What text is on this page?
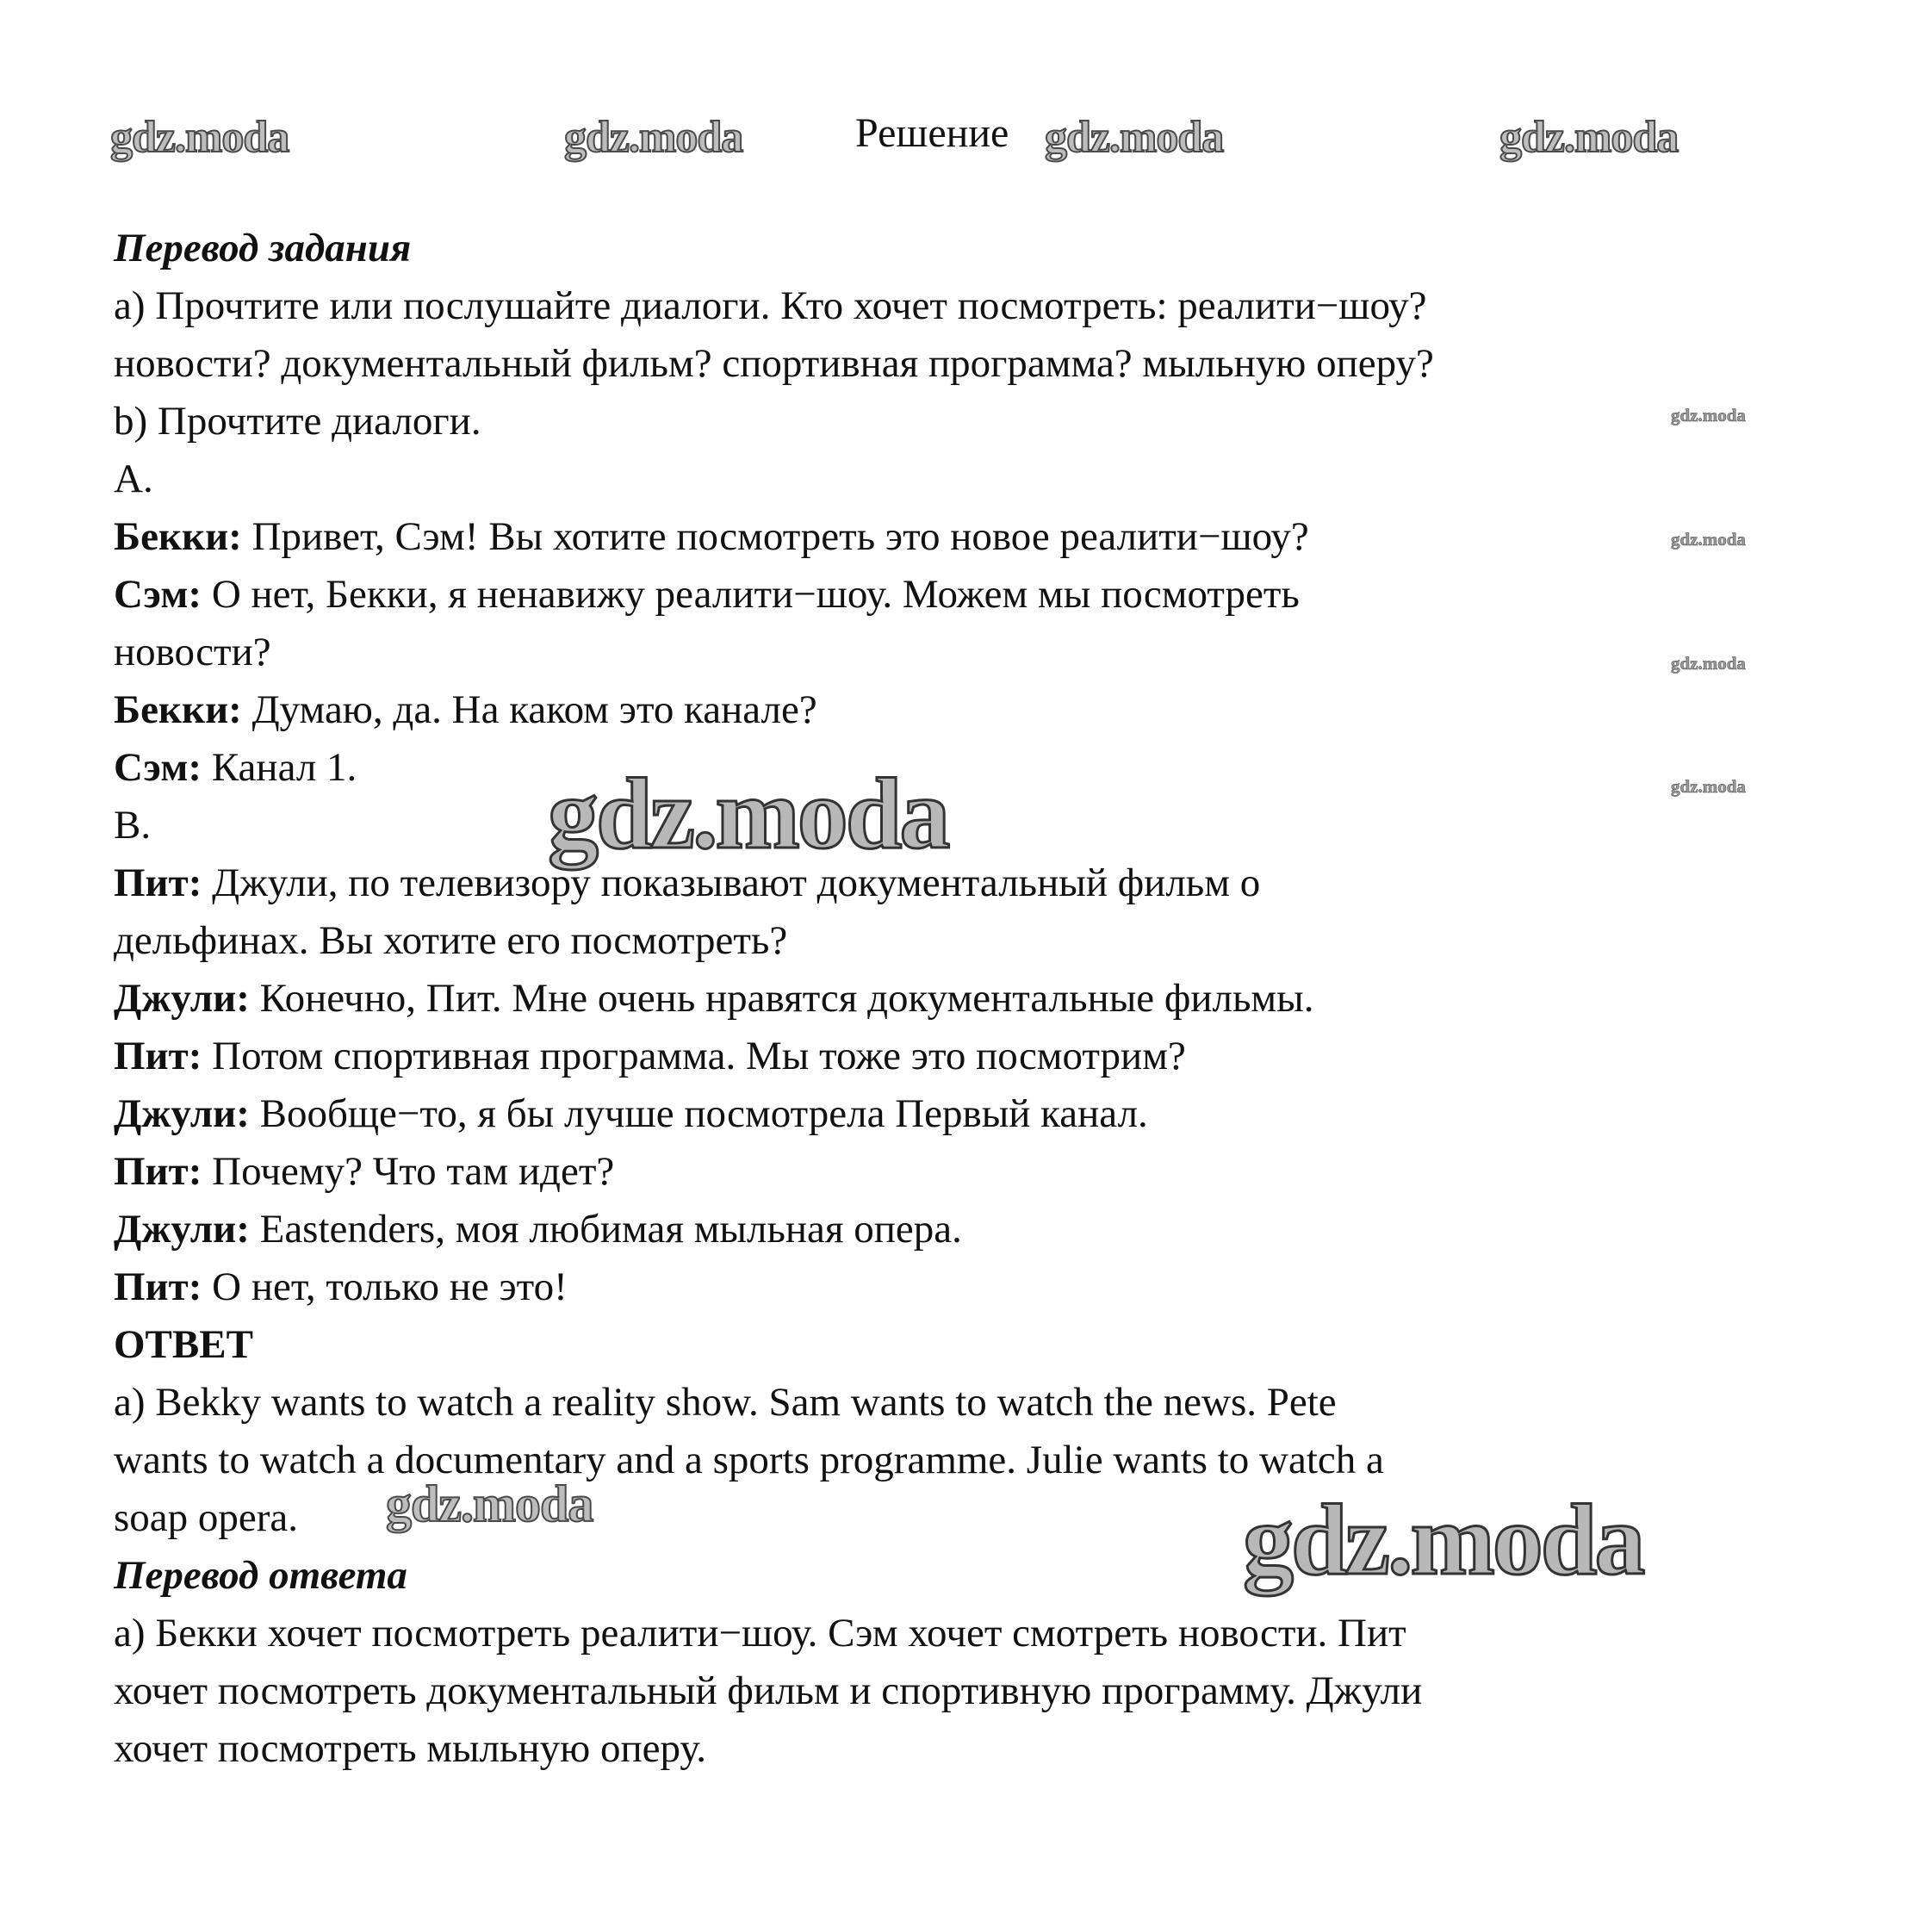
gdz.moda	gdz.moda	Решение gdz.moda	gdz.moda
gdz.moda
gdz.moda
gdz.moda
gdz.moda
gdz.moda
gdz.moda	gdz.moda

Перевод задания

а) Прочтите или послушайте диалоги. Кто хочет посмотреть: реалити−шоу?

новости? документальный фильм? спортивная программа? мыльную оперу?

b) Прочтите диалоги.

A.

Бекки: Привет, Сэм! Вы хотите посмотреть это новое реалити−шоу?

Сэм: О нет, Бекки, я ненавижу реалити−шоу. Можем мы посмотреть

новости?

Бекки: Думаю, да. На каком это канале?

Сэм: Канал 1.

B.

Пит: Джули, по телевизору показывают документальный фильм о

дельфинах. Вы хотите его посмотреть?

Джули: Конечно, Пит. Мне очень нравятся документальные фильмы.

Пит: Потом спортивная программа. Мы тоже это посмотрим?

Джули: Вообще−то, я бы лучше посмотрела Первый канал.

Пит: Почему? Что там идет?

Джули: Eastenders, моя любимая мыльная опера.

Пит: О нет, только не это!

ОТВЕТ

a) Bekky wants to watch a reality show. Sam wants to watch the news. Pete

wants to watch a documentary and a sports programme. Julie wants to watch a

soap opera.

Перевод ответа

а) Бекки хочет посмотреть реалити−шоу. Сэм хочет смотреть новости. Пит

хочет посмотреть документальный фильм и спортивную программу. Джули

хочет посмотреть мыльную оперу.
